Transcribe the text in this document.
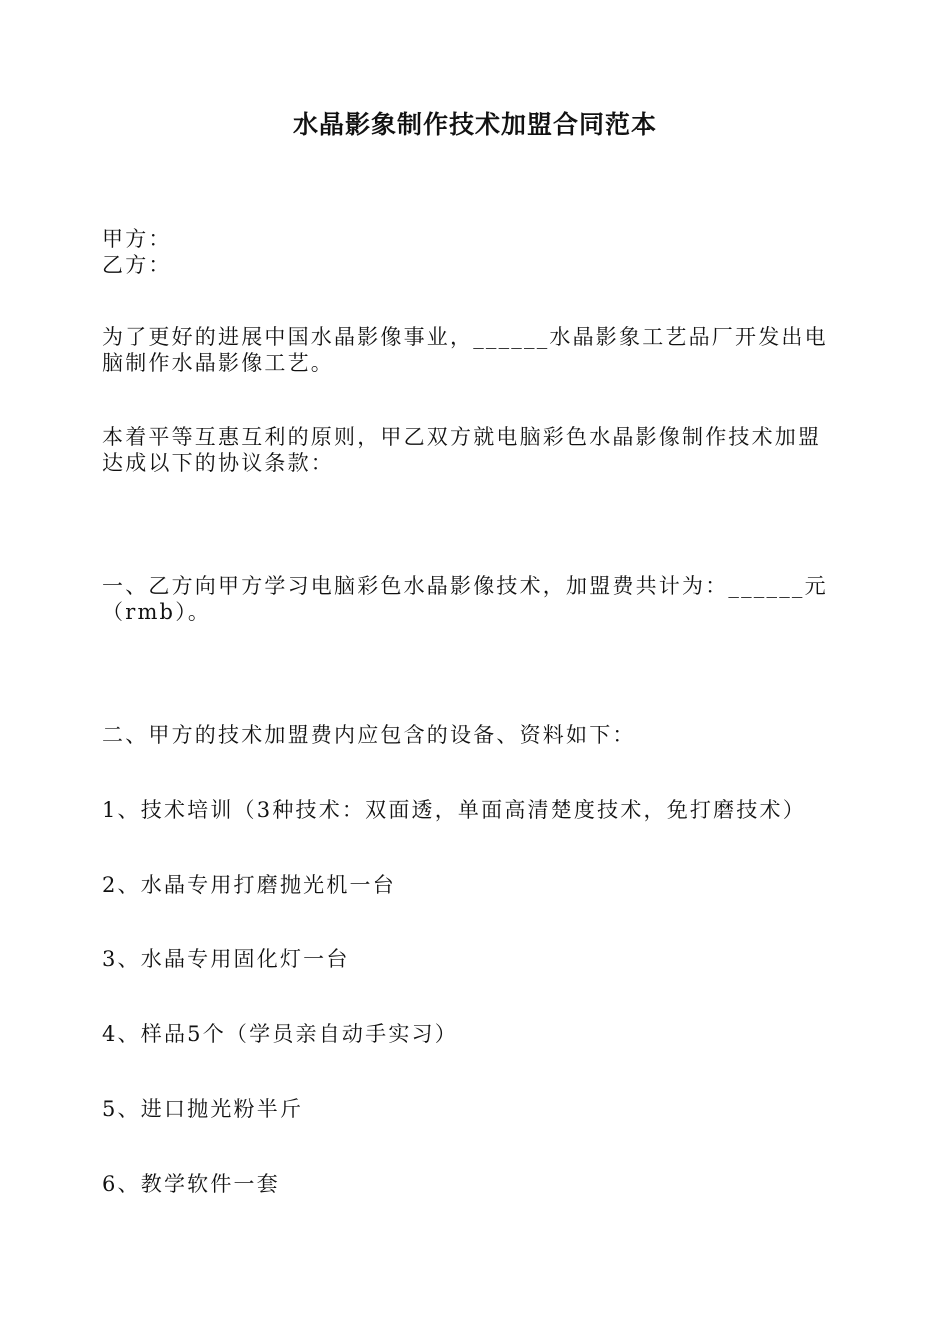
水晶影象制作技术加盟合同范本

甲方：

乙方：

为了更好的进展中国水晶影像事业，______水晶影象工艺品厂开发出电

脑制作水晶影像工艺。

本着平等互惠互利的原则，甲乙双方就电脑彩色水晶影像制作技术加盟

达成以下的协议条款：

一、乙方向甲方学习电脑彩色水晶影像技术，加盟费共计为：______元

（rmb）。

二、甲方的技术加盟费内应包含的设备、资料如下：

1、技术培训（3种技术：双面透，单面高清楚度技术，免打磨技术）

2、水晶专用打磨抛光机一台

3、水晶专用固化灯一台

4、样品5个（学员亲自动手实习）

5、进口抛光粉半斤

6、教学软件一套
